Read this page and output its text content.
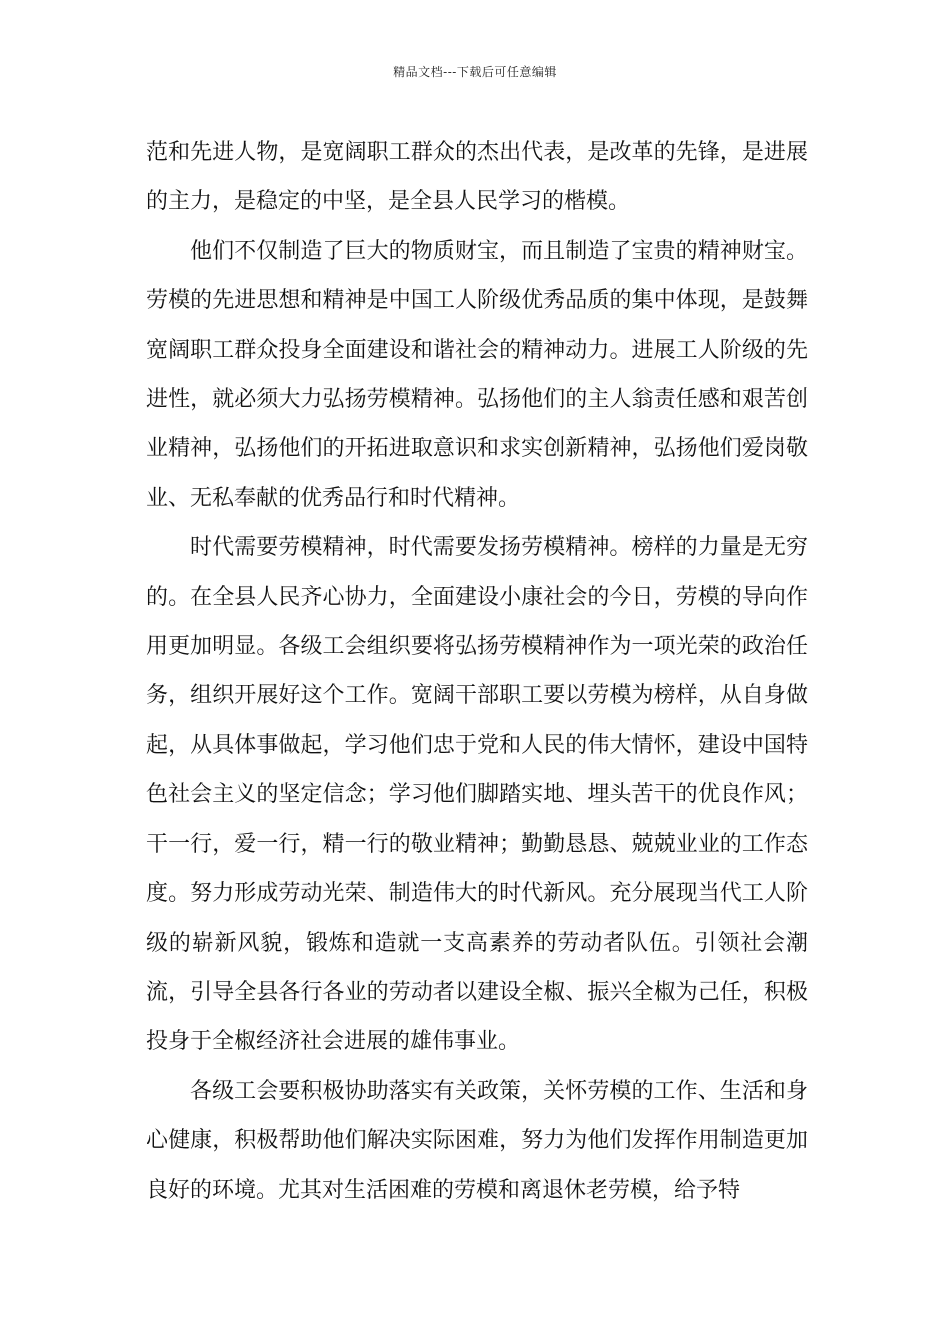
精品文档---下载后可任意编辑

范和先进人物，是宽阔职工群众的杰出代表，是改革的先锋，是进展的主力，是稳定的中坚，是全县人民学习的楷模。

他们不仅制造了巨大的物质财宝，而且制造了宝贵的精神财宝。劳模的先进思想和精神是中国工人阶级优秀品质的集中体现，是鼓舞宽阔职工群众投身全面建设和谐社会的精神动力。进展工人阶级的先进性，就必须大力弘扬劳模精神。弘扬他们的主人翁责任感和艰苦创业精神，弘扬他们的开拓进取意识和求实创新精神，弘扬他们爱岗敬业、无私奉献的优秀品行和时代精神。

时代需要劳模精神，时代需要发扬劳模精神。榜样的力量是无穷的。在全县人民齐心协力，全面建设小康社会的今日，劳模的导向作用更加明显。各级工会组织要将弘扬劳模精神作为一项光荣的政治任务，组织开展好这个工作。宽阔干部职工要以劳模为榜样，从自身做起，从具体事做起，学习他们忠于党和人民的伟大情怀，建设中国特色社会主义的坚定信念；学习他们脚踏实地、埋头苦干的优良作风；干一行，爱一行，精一行的敬业精神；勤勤恳恳、兢兢业业的工作态度。努力形成劳动光荣、制造伟大的时代新风。充分展现当代工人阶级的崭新风貌，锻炼和造就一支高素养的劳动者队伍。引领社会潮流，引导全县各行各业的劳动者以建设全椒、振兴全椒为己任，积极投身于全椒经济社会进展的雄伟事业。

各级工会要积极协助落实有关政策，关怀劳模的工作、生活和身心健康，积极帮助他们解决实际困难，努力为他们发挥作用制造更加良好的环境。尤其对生活困难的劳模和离退休老劳模，给予特
